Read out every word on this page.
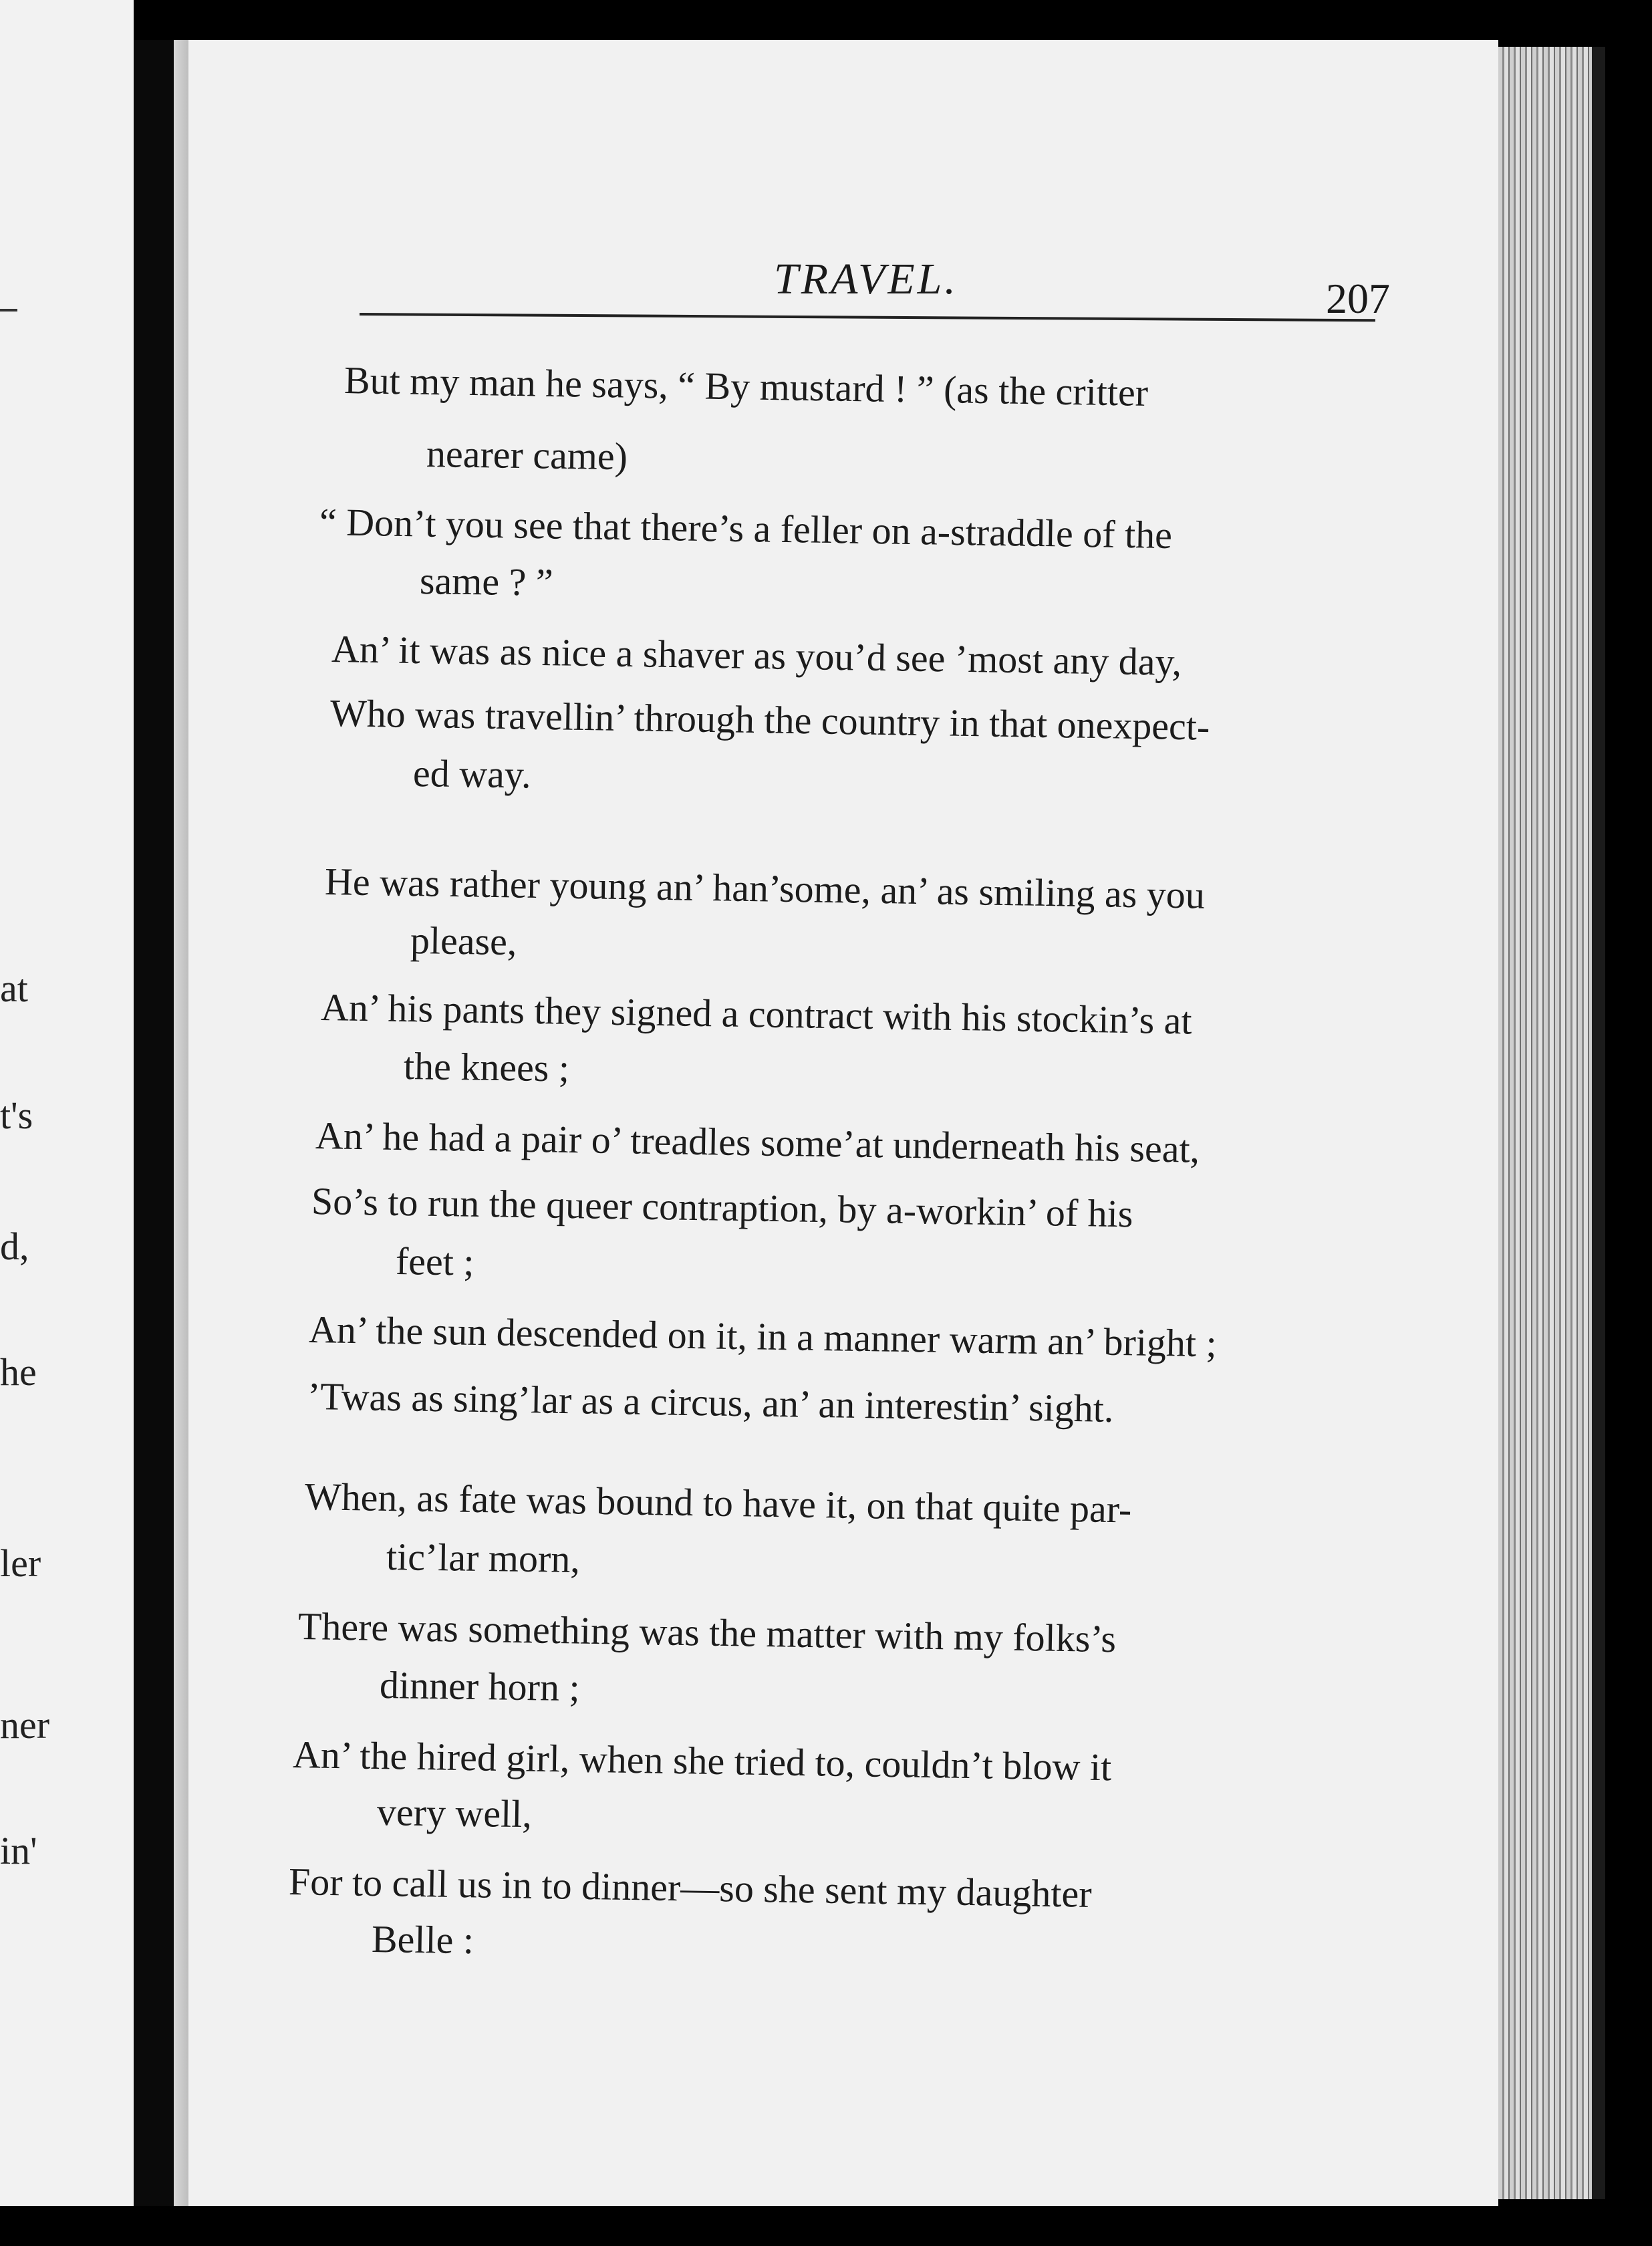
at
t's
d,
he
ler
ner
in'
TRAVEL.	207
But my man he says, “ By mustard ! ” (as the critter
nearer came)
“ Don’t you see that there’s a feller on a-straddle of the
same ? ”
An’ it was as nice a shaver as you’d see ’most any day,
Who was travellin’ through the country in that onexpect-
ed way.
He was rather young an’ han’some, an’ as smiling as you
please,
An’ his pants they signed a contract with his stockin’s at
the knees ;
An’ he had a pair o’ treadles some’at underneath his seat,
So’s to run the queer contraption, by a-workin’ of his
feet ;
An’ the sun descended on it, in a manner warm an’ bright ;
’Twas as sing’lar as a circus, an’ an interestin’ sight.
When, as fate was bound to have it, on that quite par-
tic’lar morn,
There was something was the matter with my folks’s
dinner horn ;
An’ the hired girl, when she tried to, couldn’t blow it
very well,
For to call us in to dinner—so she sent my daughter
Belle :
